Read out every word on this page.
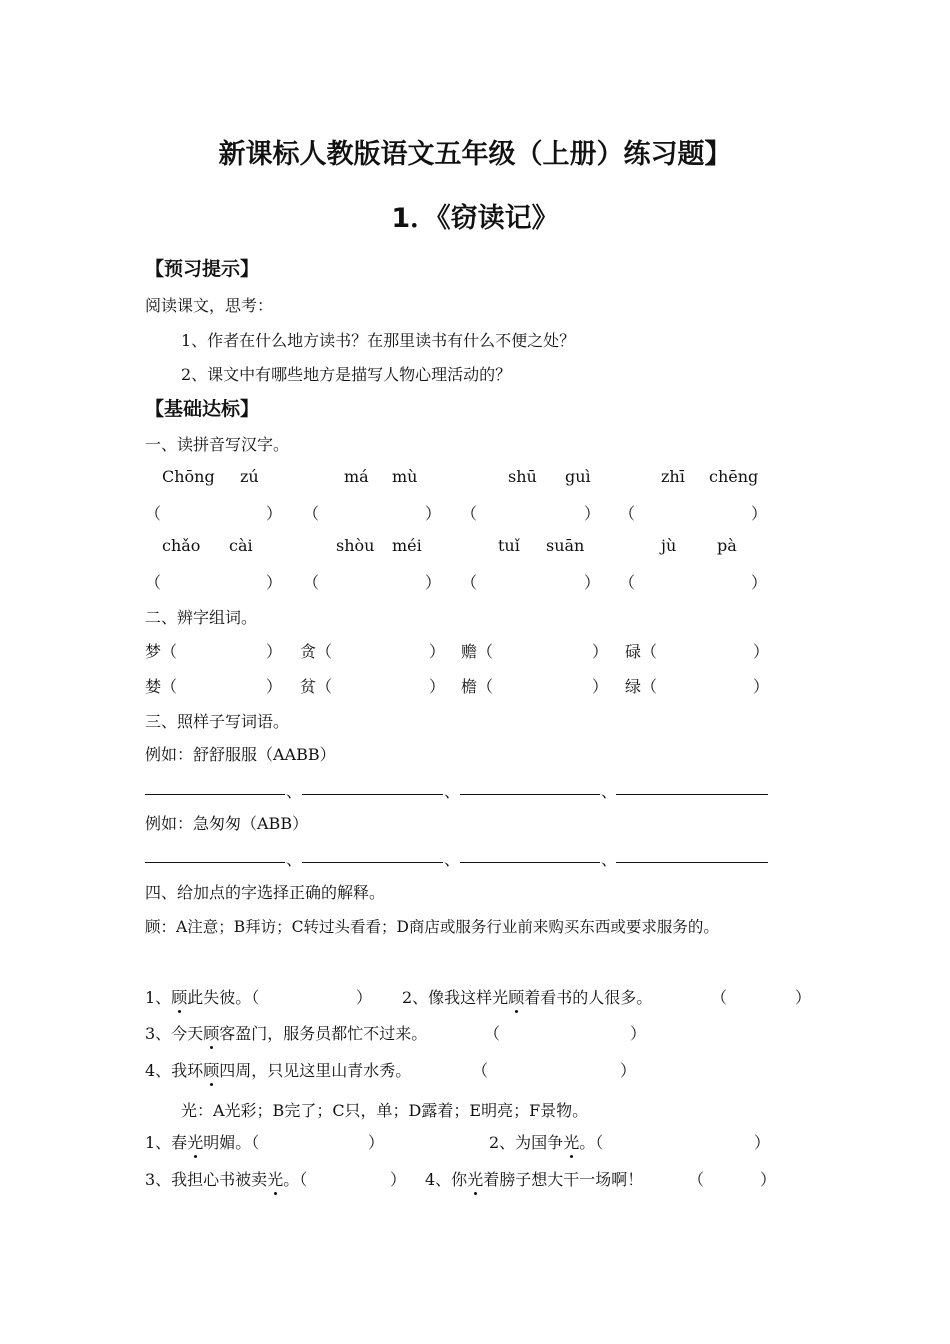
新课标人教版语文五年级（上册）练习题】
1．《窃读记》
【预习提示】
阅读课文，思考：
1、作者在什么地方读书？在那里读书有什么不便之处？
2、课文中有哪些地方是描写人物心理活动的？
【基础达标】
一、读拼音写汉字。
Chōng zú	má mù	shū guì	zhī chēng
（	） （	） （	） （	）
chǎo cài	shòu méi	tuǐ suān	jù	pà
（	） （	） （	） （	）
二、辨字组词。
梦（	） 贪（	） 赡（	） 碌（	）
婪（	） 贫（	） 檐（	） 绿（	）
三、照样子写词语。
例如：舒舒服服（AABB）
、	、	、
例如：急匆匆（ABB）
、	、	、
四、给加点的字选择正确的解释。
顾：A注意；B拜访；C转过头看看；D商店或服务行业前来购买东西或要求服务的。
1、顾此失彼。（	） 2、像我这样光顾着看书的人很多。	（	）
3、今天顾客盈门，服务员都忙不过来。	（	）
4、我环顾四周，只见这里山青水秀。	（	）
光：A光彩；B完了；C只，单；D露着；E明亮；F景物。
1、春光明媚。（	）	2、为国争光。（	）
3、我担心书被卖光。（	） 4、你光着膀子想大干一场啊！	（	）
